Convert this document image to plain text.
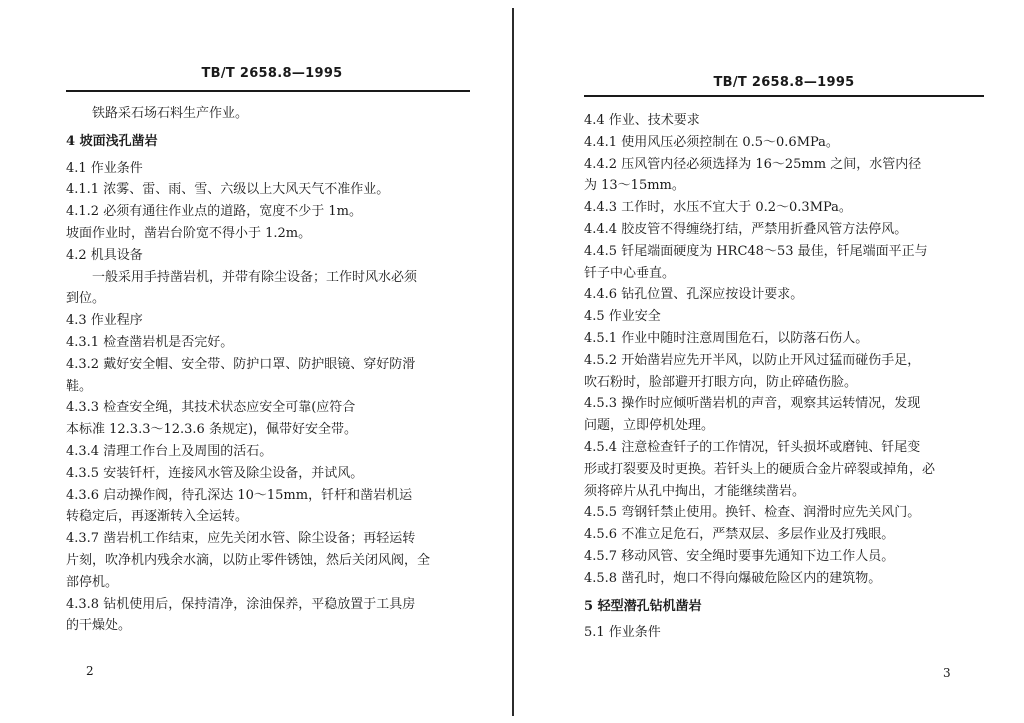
TB/T 2658.8—1995
铁路采石场石料生产作业。
4 坡面浅孔凿岩
4.1 作业条件
4.1.1 浓雾、雷、雨、雪、六级以上大风天气不准作业。
4.1.2 必须有通往作业点的道路，宽度不少于 1m。
坡面作业时，凿岩台阶宽不得小于 1.2m。
4.2 机具设备
一般采用手持凿岩机，并带有除尘设备；工作时风水必须
到位。
4.3 作业程序
4.3.1 检查凿岩机是否完好。
4.3.2 戴好安全帽、安全带、防护口罩、防护眼镜、穿好防滑
鞋。
4.3.3 检查安全绳，其技术状态应安全可靠(应符合
本标准 12.3.3～12.3.6 条规定)，佩带好安全带。
4.3.4 清理工作台上及周围的活石。
4.3.5 安装钎杆，连接风水管及除尘设备，并试风。
4.3.6 启动操作阀，待孔深达 10～15mm，钎杆和凿岩机运
转稳定后，再逐渐转入全运转。
4.3.7 凿岩机工作结束，应先关闭水管、除尘设备；再轻运转
片刻，吹净机内残余水滴，以防止零件锈蚀，然后关闭风阀，全
部停机。
4.3.8 钻机使用后，保持清净，涂油保养，平稳放置于工具房
的干燥处。
2
TB/T 2658.8—1995
4.4 作业、技术要求
4.4.1 使用风压必须控制在 0.5～0.6MPa。
4.4.2 压风管内径必须选择为 16～25mm 之间，水管内径
为 13～15mm。
4.4.3 工作时，水压不宜大于 0.2～0.3MPa。
4.4.4 胶皮管不得缠绕打结，严禁用折叠风管方法停风。
4.4.5 钎尾端面硬度为 HRC48～53 最佳，钎尾端面平正与
钎子中心垂直。
4.4.6 钻孔位置、孔深应按设计要求。
4.5 作业安全
4.5.1 作业中随时注意周围危石，以防落石伤人。
4.5.2 开始凿岩应先开半风，以防止开风过猛而碰伤手足，
吹石粉时，脸部避开打眼方向，防止碎碴伤脸。
4.5.3 操作时应倾听凿岩机的声音，观察其运转情况，发现
问题，立即停机处理。
4.5.4 注意检查钎子的工作情况，钎头损坏或磨钝、钎尾变
形或打裂要及时更换。若钎头上的硬质合金片碎裂或掉角，必
须将碎片从孔中掏出，才能继续凿岩。
4.5.5 弯钢钎禁止使用。换钎、检查、润滑时应先关风门。
4.5.6 不准立足危石，严禁双层、多层作业及打残眼。
4.5.7 移动风管、安全绳时要事先通知下边工作人员。
4.5.8 凿孔时，炮口不得向爆破危险区内的建筑物。
5 轻型潜孔钻机凿岩
5.1 作业条件
3
